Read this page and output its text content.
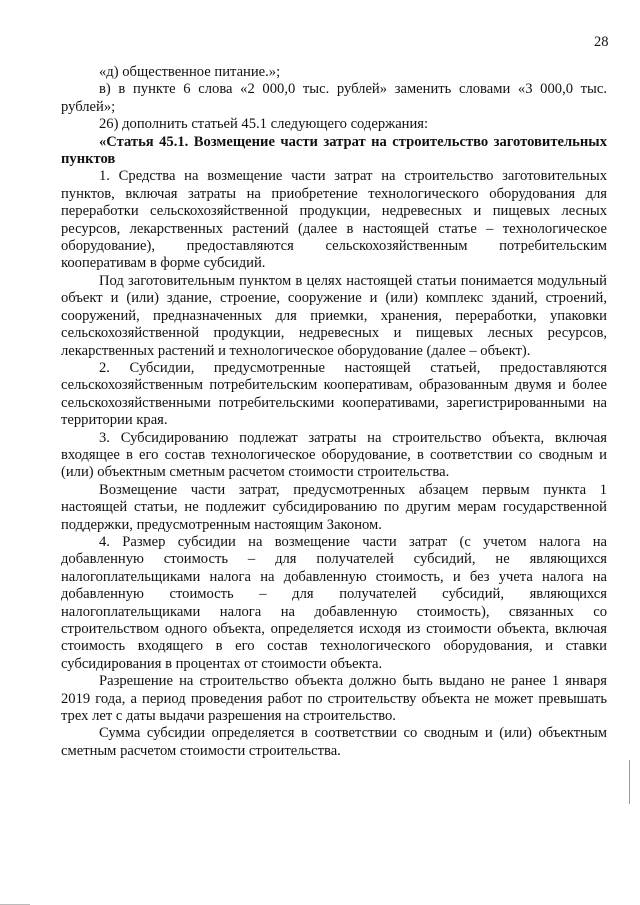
28

«д) общественное питание.»;

в) в пункте 6 слова «2 000,0 тыс. рублей» заменить словами «3 000,0 тыс. рублей»;

26) дополнить статьей 45.1 следующего содержания:

«Статья 45.1. Возмещение части затрат на строительство заготовительных пунктов

1. Средства на возмещение части затрат на строительство заготовительных пунктов, включая затраты на приобретение технологического оборудования для переработки сельскохозяйственной продукции, недревесных и пищевых лесных ресурсов, лекарственных растений (далее в настоящей статье – технологическое оборудование), предоставляются сельскохозяйственным потребительским кооперативам в форме субсидий.

Под заготовительным пунктом в целях настоящей статьи понимается модульный объект и (или) здание, строение, сооружение и (или) комплекс зданий, строений, сооружений, предназначенных для приемки, хранения, переработки, упаковки сельскохозяйственной продукции, недревесных и пищевых лесных ресурсов, лекарственных растений и технологическое оборудование (далее – объект).

2. Субсидии, предусмотренные настоящей статьей, предоставляются сельскохозяйственным потребительским кооперативам, образованным двумя и более сельскохозяйственными потребительскими кооперативами, зарегистрированными на территории края.

3. Субсидированию подлежат затраты на строительство объекта, включая входящее в его состав технологическое оборудование, в соответствии со сводным и (или) объектным сметным расчетом стоимости строительства.

Возмещение части затрат, предусмотренных абзацем первым пункта 1 настоящей статьи, не подлежит субсидированию по другим мерам государственной поддержки, предусмотренным настоящим Законом.

4. Размер субсидии на возмещение части затрат (с учетом налога на добавленную стоимость – для получателей субсидий, не являющихся налогоплательщиками налога на добавленную стоимость, и без учета налога на добавленную стоимость – для получателей субсидий, являющихся налогоплательщиками налога на добавленную стоимость), связанных со строительством одного объекта, определяется исходя из стоимости объекта, включая стоимость входящего в его состав технологического оборудования, и ставки субсидирования в процентах от стоимости объекта.

Разрешение на строительство объекта должно быть выдано не ранее 1 января 2019 года, а период проведения работ по строительству объекта не может превышать трех лет с даты выдачи разрешения на строительство.

Сумма субсидии определяется в соответствии со сводным и (или) объектным сметным расчетом стоимости строительства.
